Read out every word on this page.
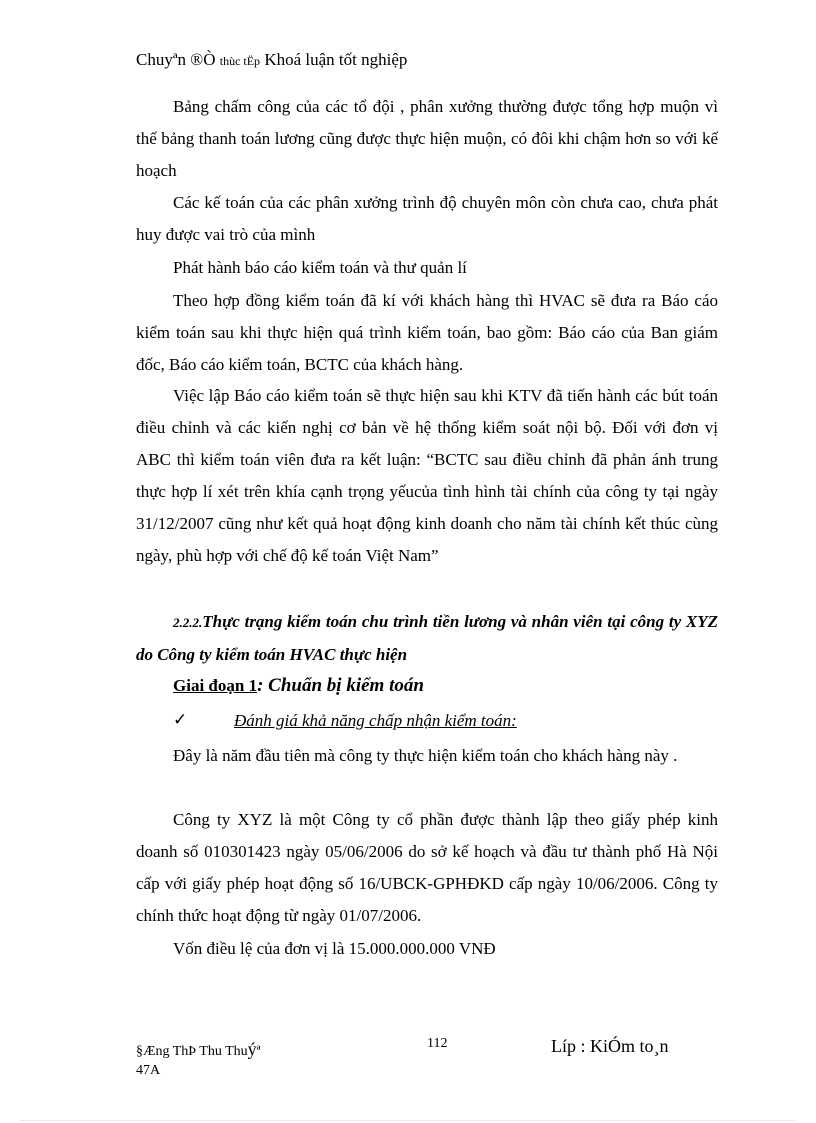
Chuyªn ®Ò thùc tËp Khoá luận tốt nghiệp

Bảng chấm công của các tổ đội , phân xưởng thường được tổng hợp muộn vì thế bảng thanh toán lương cũng được thực hiện muộn, có đôi khi chậm hơn so với kế hoạch

Các kế toán của các phân xưởng trình độ chuyên môn còn chưa cao, chưa phát huy được vai trò của mình

Phát hành báo cáo kiểm toán và thư quản lí

Theo hợp đồng kiểm toán đã kí với khách hàng thì HVAC sẽ đưa ra Báo cáo kiểm toán sau khi thực hiện quá trình kiểm toán, bao gồm: Báo cáo của Ban giám đốc, Báo cáo kiểm toán, BCTC của khách hàng.

Việc lập Báo cáo kiểm toán sẽ thực hiện sau khi KTV đã tiến hành các bút toán điều chỉnh và các kiến nghị cơ bản về hệ thống kiểm soát nội bộ. Đối với đơn vị ABC thì kiểm toán viên đưa ra kết luận: “BCTC sau điều chỉnh đã phản ánh trung thực hợp lí xét trên khía cạnh trọng yếucủa tình hình tài chính của công ty tại ngày 31/12/2007 cũng như kết quả hoạt động kinh doanh cho năm tài chính kết thúc cùng ngày, phù hợp với chế độ kế toán Việt Nam”

2.2.2.Thực trạng kiểm toán chu trình tiền lương và nhân viên tại công ty XYZ do Công ty kiểm toán HVAC thực hiện

Giai đoạn 1: Chuẩn bị kiểm toán
✓	Đánh giá khả năng chấp nhận kiểm toán:

Đây là năm đầu tiên mà công ty thực hiện kiểm toán cho khách hàng này .

Công ty XYZ là một Công ty cổ phần được thành lập theo giấy phép kinh doanh số 010301423 ngày 05/06/2006 do sở kế hoạch và đầu tư thành phố Hà Nội cấp với giấy phép hoạt động số 16/UBCK-GPHĐKD cấp ngày 10/06/2006. Công ty chính thức hoạt động từ ngày 01/07/2006.

Vốn điều lệ của đơn vị là 15.000.000.000 VNĐ

§Æng ThÞ Thu Thuýª
47A
112	Líp : KiÓm to¸n
